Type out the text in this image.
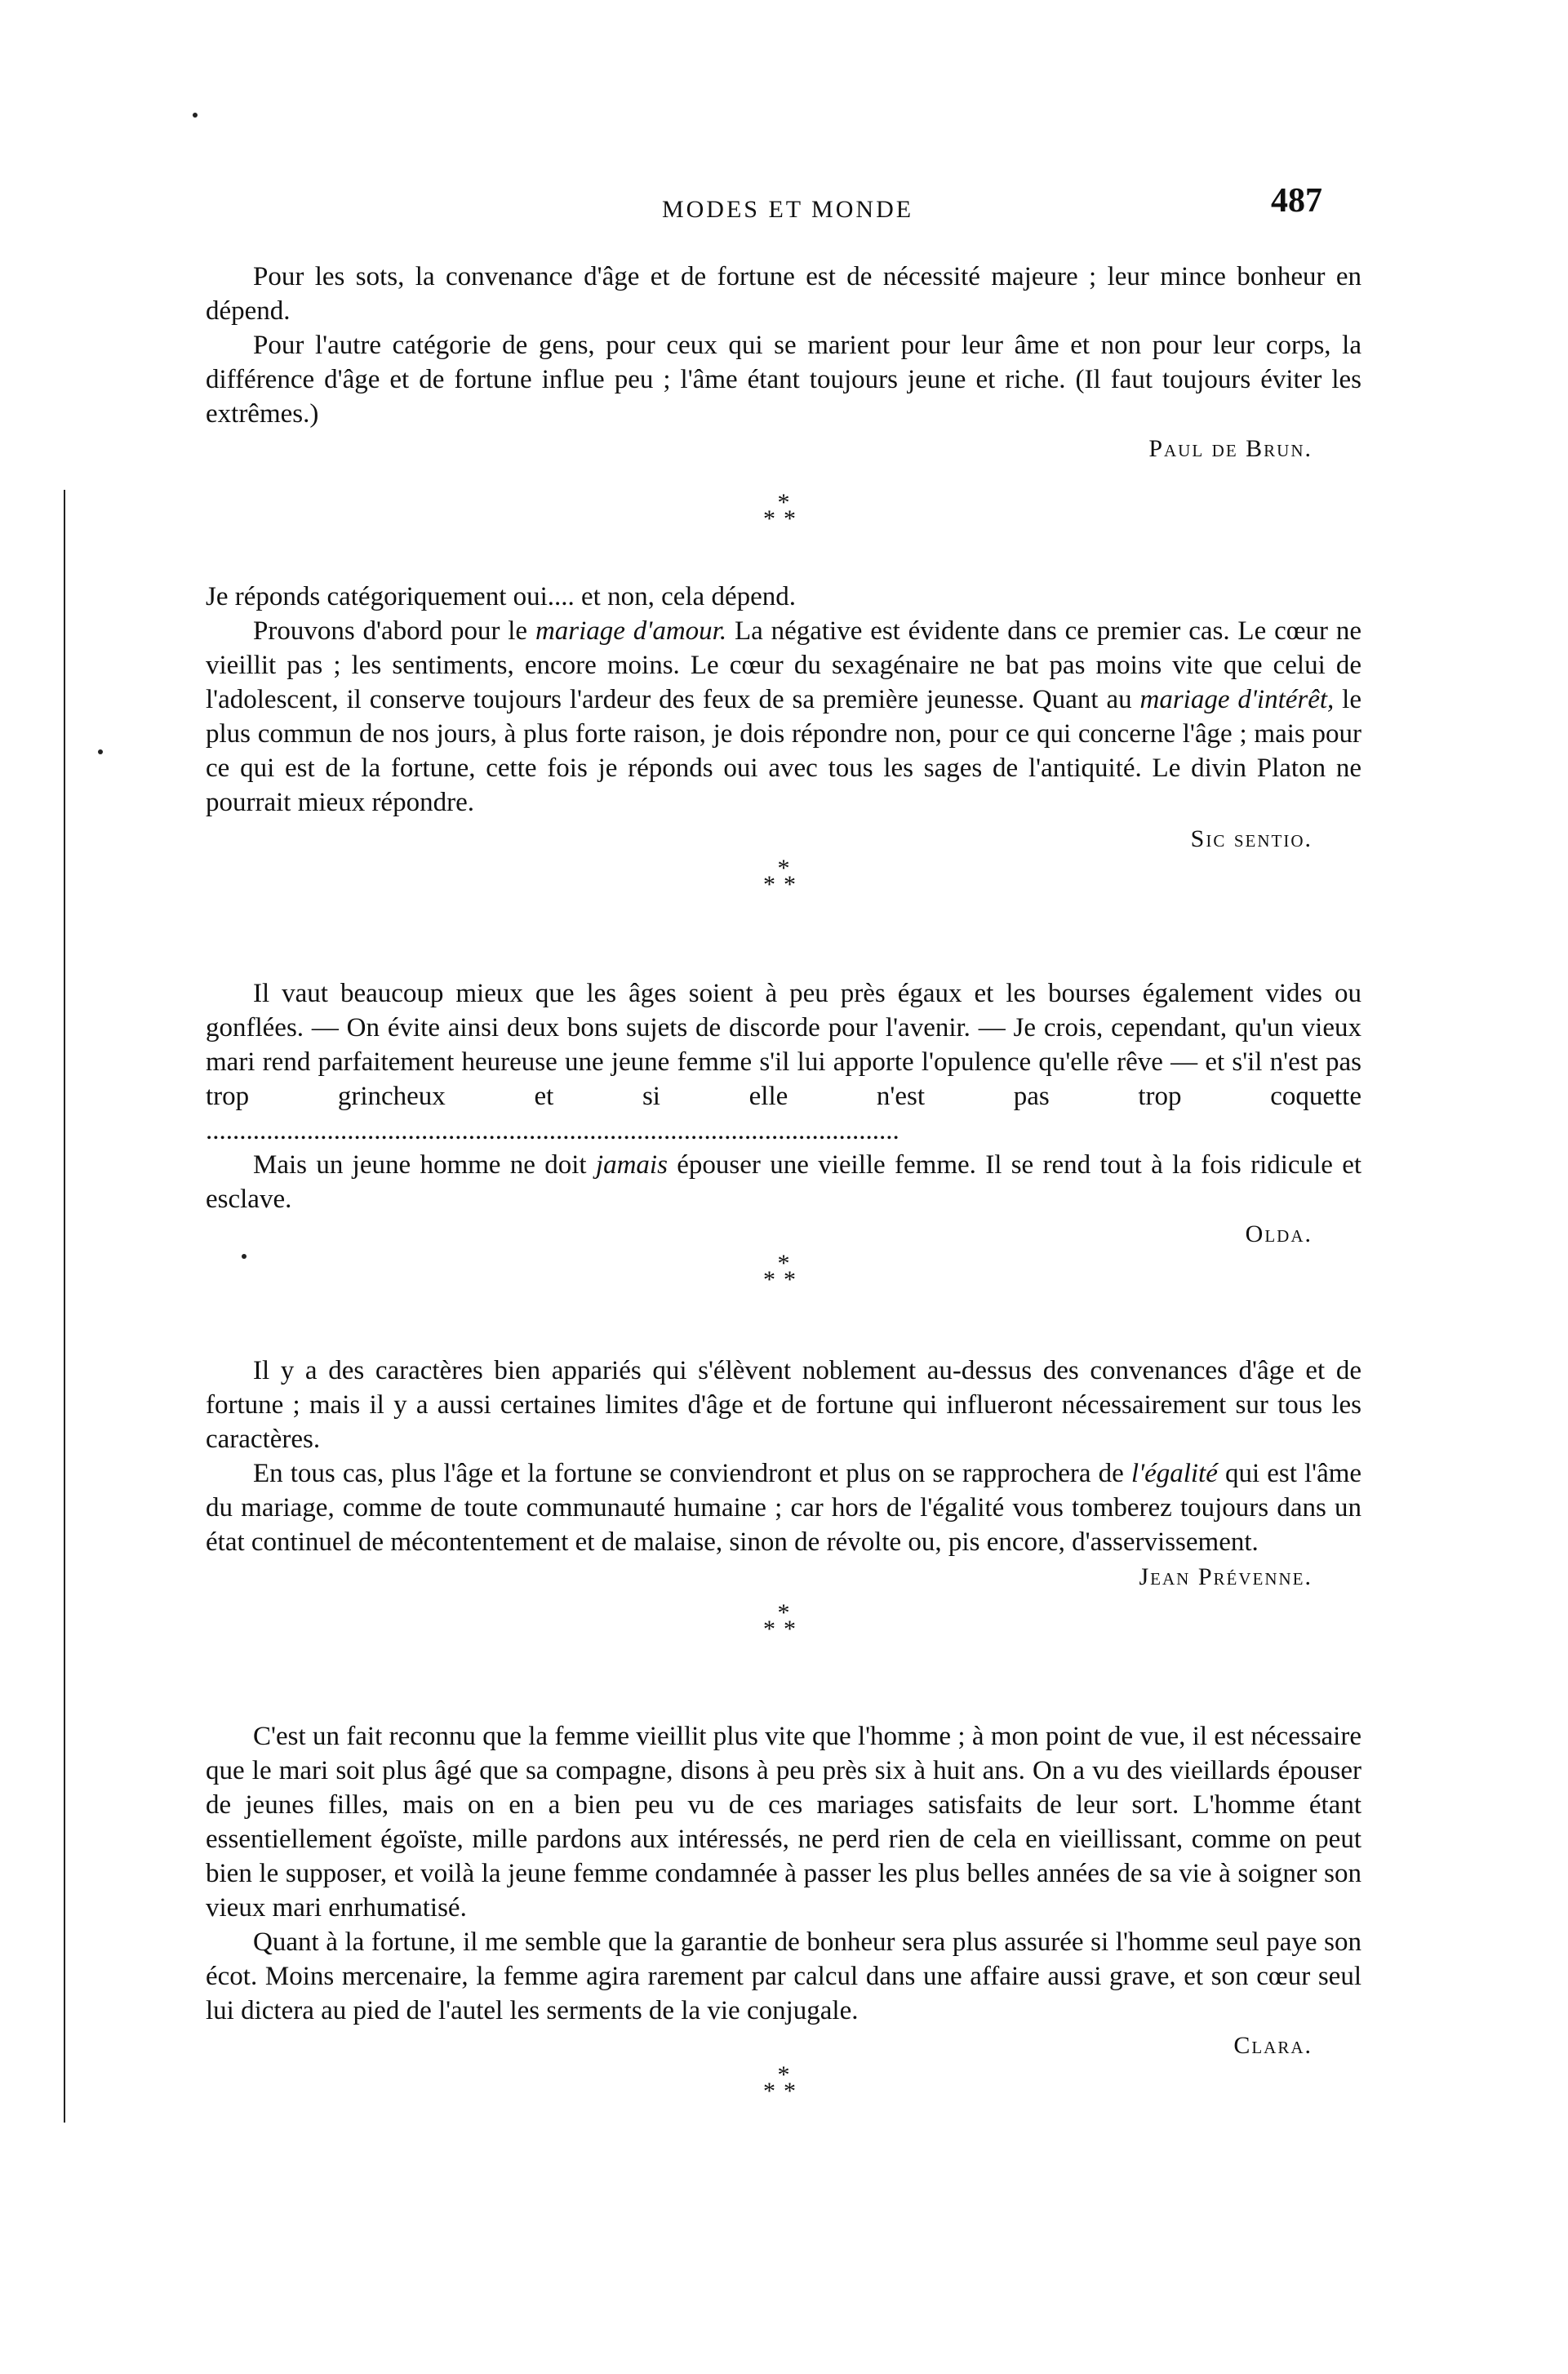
MODES ET MONDE	487

Pour les sots, la convenance d'âge et de fortune est de nécessité majeure ; leur mince bonheur en dépend.

Pour l'autre catégorie de gens, pour ceux qui se marient pour leur âme et non pour leur corps, la différence d'âge et de fortune influe peu ; l'âme étant toujours jeune et riche. (Il faut toujours éviter les extrêmes.)

Paul de Brun.
*
**

Je réponds catégoriquement oui.... et non, cela dépend.

Prouvons d'abord pour le mariage d'amour. La négative est évidente dans ce premier cas. Le cœur ne vieillit pas ; les sentiments, encore moins. Le cœur du sexagénaire ne bat pas moins vite que celui de l'adolescent, il conserve toujours l'ardeur des feux de sa première jeunesse. Quant au mariage d'intérêt, le plus commun de nos jours, à plus forte raison, je dois répondre non, pour ce qui concerne l'âge ; mais pour ce qui est de la fortune, cette fois je réponds oui avec tous les sages de l'antiquité. Le divin Platon ne pourrait mieux répondre.

Sic sentio.
*
**

Il vaut beaucoup mieux que les âges soient à peu près égaux et les bourses également vides ou gonflées. — On évite ainsi deux bons sujets de discorde pour l'avenir. — Je crois, cependant, qu'un vieux mari rend parfaitement heureuse une jeune femme s'il lui apporte l'opulence qu'elle rêve — et s'il n'est pas trop grincheux et si elle n'est pas trop coquette .......................................................................................................

Mais un jeune homme ne doit jamais épouser une vieille femme. Il se rend tout à la fois ridicule et esclave.

Olda.
*
**

Il y a des caractères bien appariés qui s'élèvent noblement au-dessus des convenances d'âge et de fortune ; mais il y a aussi certaines limites d'âge et de fortune qui influeront nécessairement sur tous les caractères.

En tous cas, plus l'âge et la fortune se conviendront et plus on se rapprochera de l'égalité qui est l'âme du mariage, comme de toute communauté humaine ; car hors de l'égalité vous tomberez toujours dans un état continuel de mécontentement et de malaise, sinon de révolte ou, pis encore, d'asservissement.

Jean Prévenne.
*
**

C'est un fait reconnu que la femme vieillit plus vite que l'homme ; à mon point de vue, il est nécessaire que le mari soit plus âgé que sa compagne, disons à peu près six à huit ans. On a vu des vieillards épouser de jeunes filles, mais on en a bien peu vu de ces mariages satisfaits de leur sort. L'homme étant essentiellement égoïste, mille pardons aux intéressés, ne perd rien de cela en vieillissant, comme on peut bien le supposer, et voilà la jeune femme condamnée à passer les plus belles années de sa vie à soigner son vieux mari enrhumatisé.

Quant à la fortune, il me semble que la garantie de bonheur sera plus assurée si l'homme seul paye son écot. Moins mercenaire, la femme agira rarement par calcul dans une affaire aussi grave, et son cœur seul lui dictera au pied de l'autel les serments de la vie conjugale.

Clara.
*
**
